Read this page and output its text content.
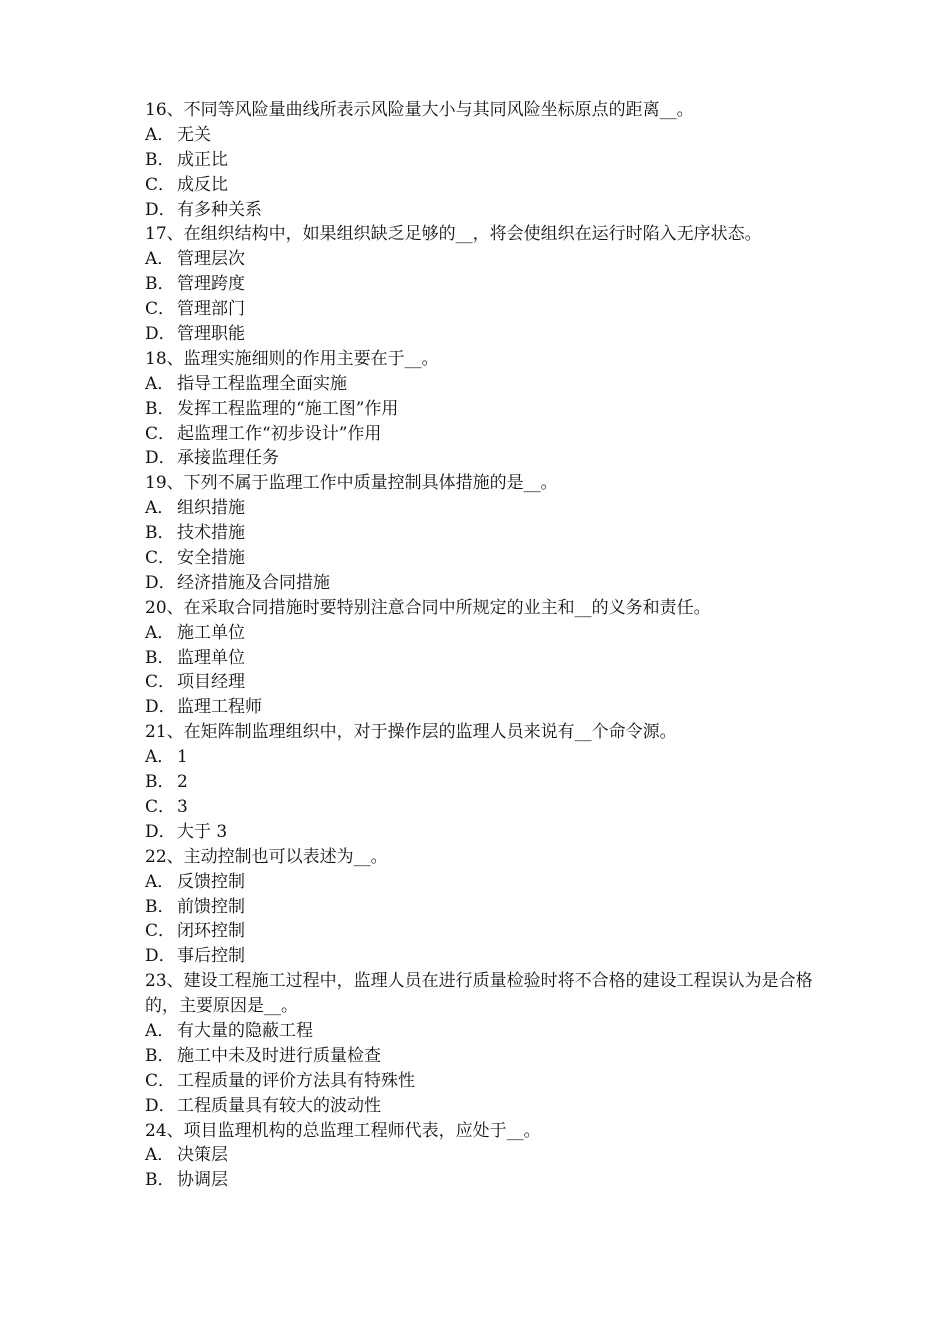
16、不同等风险量曲线所表示风险量大小与其同风险坐标原点的距离__。
A． 无关
B． 成正比
C． 成反比
D．有多种关系
17、在组织结构中，如果组织缺乏足够的__，将会使组织在运行时陷入无序状态。
A． 管理层次
B． 管理跨度
C． 管理部门
D．管理职能
18、监理实施细则的作用主要在于__。
A． 指导工程监理全面实施
B． 发挥工程监理的“施工图”作用
C． 起监理工作“初步设计”作用
D．承接监理任务
19、下列不属于监理工作中质量控制具体措施的是__。
A． 组织措施
B． 技术措施
C． 安全措施
D．经济措施及合同措施
20、在采取合同措施时要特别注意合同中所规定的业主和__的义务和责任。
A． 施工单位
B． 监理单位
C． 项目经理
D．监理工程师
21、在矩阵制监理组织中，对于操作层的监理人员来说有__个命令源。
A． 1
B． 2
C． 3
D．大于 3
22、主动控制也可以表述为__。
A． 反馈控制
B． 前馈控制
C． 闭环控制
D．事后控制
23、建设工程施工过程中，监理人员在进行质量检验时将不合格的建设工程误认为是合格的，主要原因是__。
A． 有大量的隐蔽工程
B． 施工中未及时进行质量检查
C． 工程质量的评价方法具有特殊性
D．工程质量具有较大的波动性
24、项目监理机构的总监理工程师代表，应处于__。
A． 决策层
B． 协调层
